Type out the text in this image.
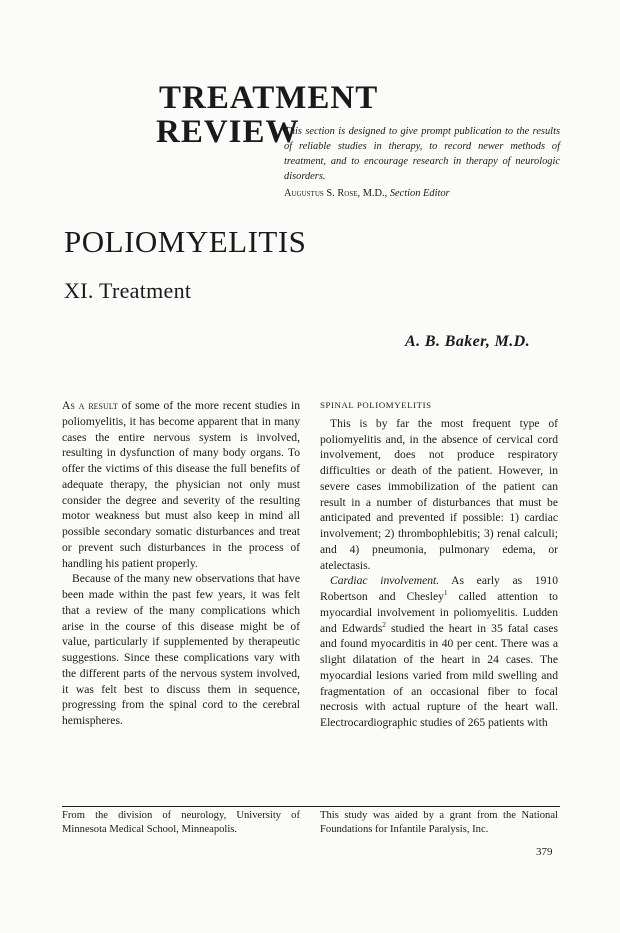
TREATMENT
REVIEW
This section is designed to give prompt publication to the results of reliable studies in therapy, to record newer methods of treatment, and to encourage research in therapy of neurologic disorders.
Augustus S. Rose, M.D., Section Editor
POLIOMYELITIS
XI. Treatment
A. B. Baker, M.D.

As a result of some of the more recent studies in poliomyelitis, it has become apparent that in many cases the entire nervous system is involved, resulting in dysfunction of many body organs. To offer the victims of this disease the full benefits of adequate therapy, the physician not only must consider the degree and severity of the resulting motor weakness but must also keep in mind all possible secondary somatic disturbances and treat or prevent such disturbances in the process of handling his patient properly.

Because of the many new observations that have been made within the past few years, it was felt that a review of the many complications which arise in the course of this disease might be of value, particularly if supplemented by therapeutic suggestions. Since these complications vary with the different parts of the nervous system involved, it was felt best to discuss them in sequence, progressing from the spinal cord to the cerebral hemispheres.

SPINAL POLIOMYELITIS

This is by far the most frequent type of poliomyelitis and, in the absence of cervical cord involvement, does not produce respiratory difficulties or death of the patient. However, in severe cases immobilization of the patient can result in a number of disturbances that must be anticipated and prevented if possible: 1) cardiac involvement; 2) thrombophlebitis; 3) renal calculi; and 4) pneumonia, pulmonary edema, or atelectasis.

Cardiac involvement. As early as 1910 Robertson and Chesley$^1$ called attention to myocardial involvement in poliomyelitis. Ludden and Edwards$^2$ studied the heart in 35 fatal cases and found myocarditis in 40 per cent. There was a slight dilatation of the heart in 24 cases. The myocardial lesions varied from mild swelling and fragmentation of an occasional fiber to focal necrosis with actual rupture of the heart wall. Electrocardiographic studies of 265 patients with

From the division of neurology, University of Minnesota Medical School, Minneapolis.
This study was aided by a grant from the National Foundations for Infantile Paralysis, Inc.
379
